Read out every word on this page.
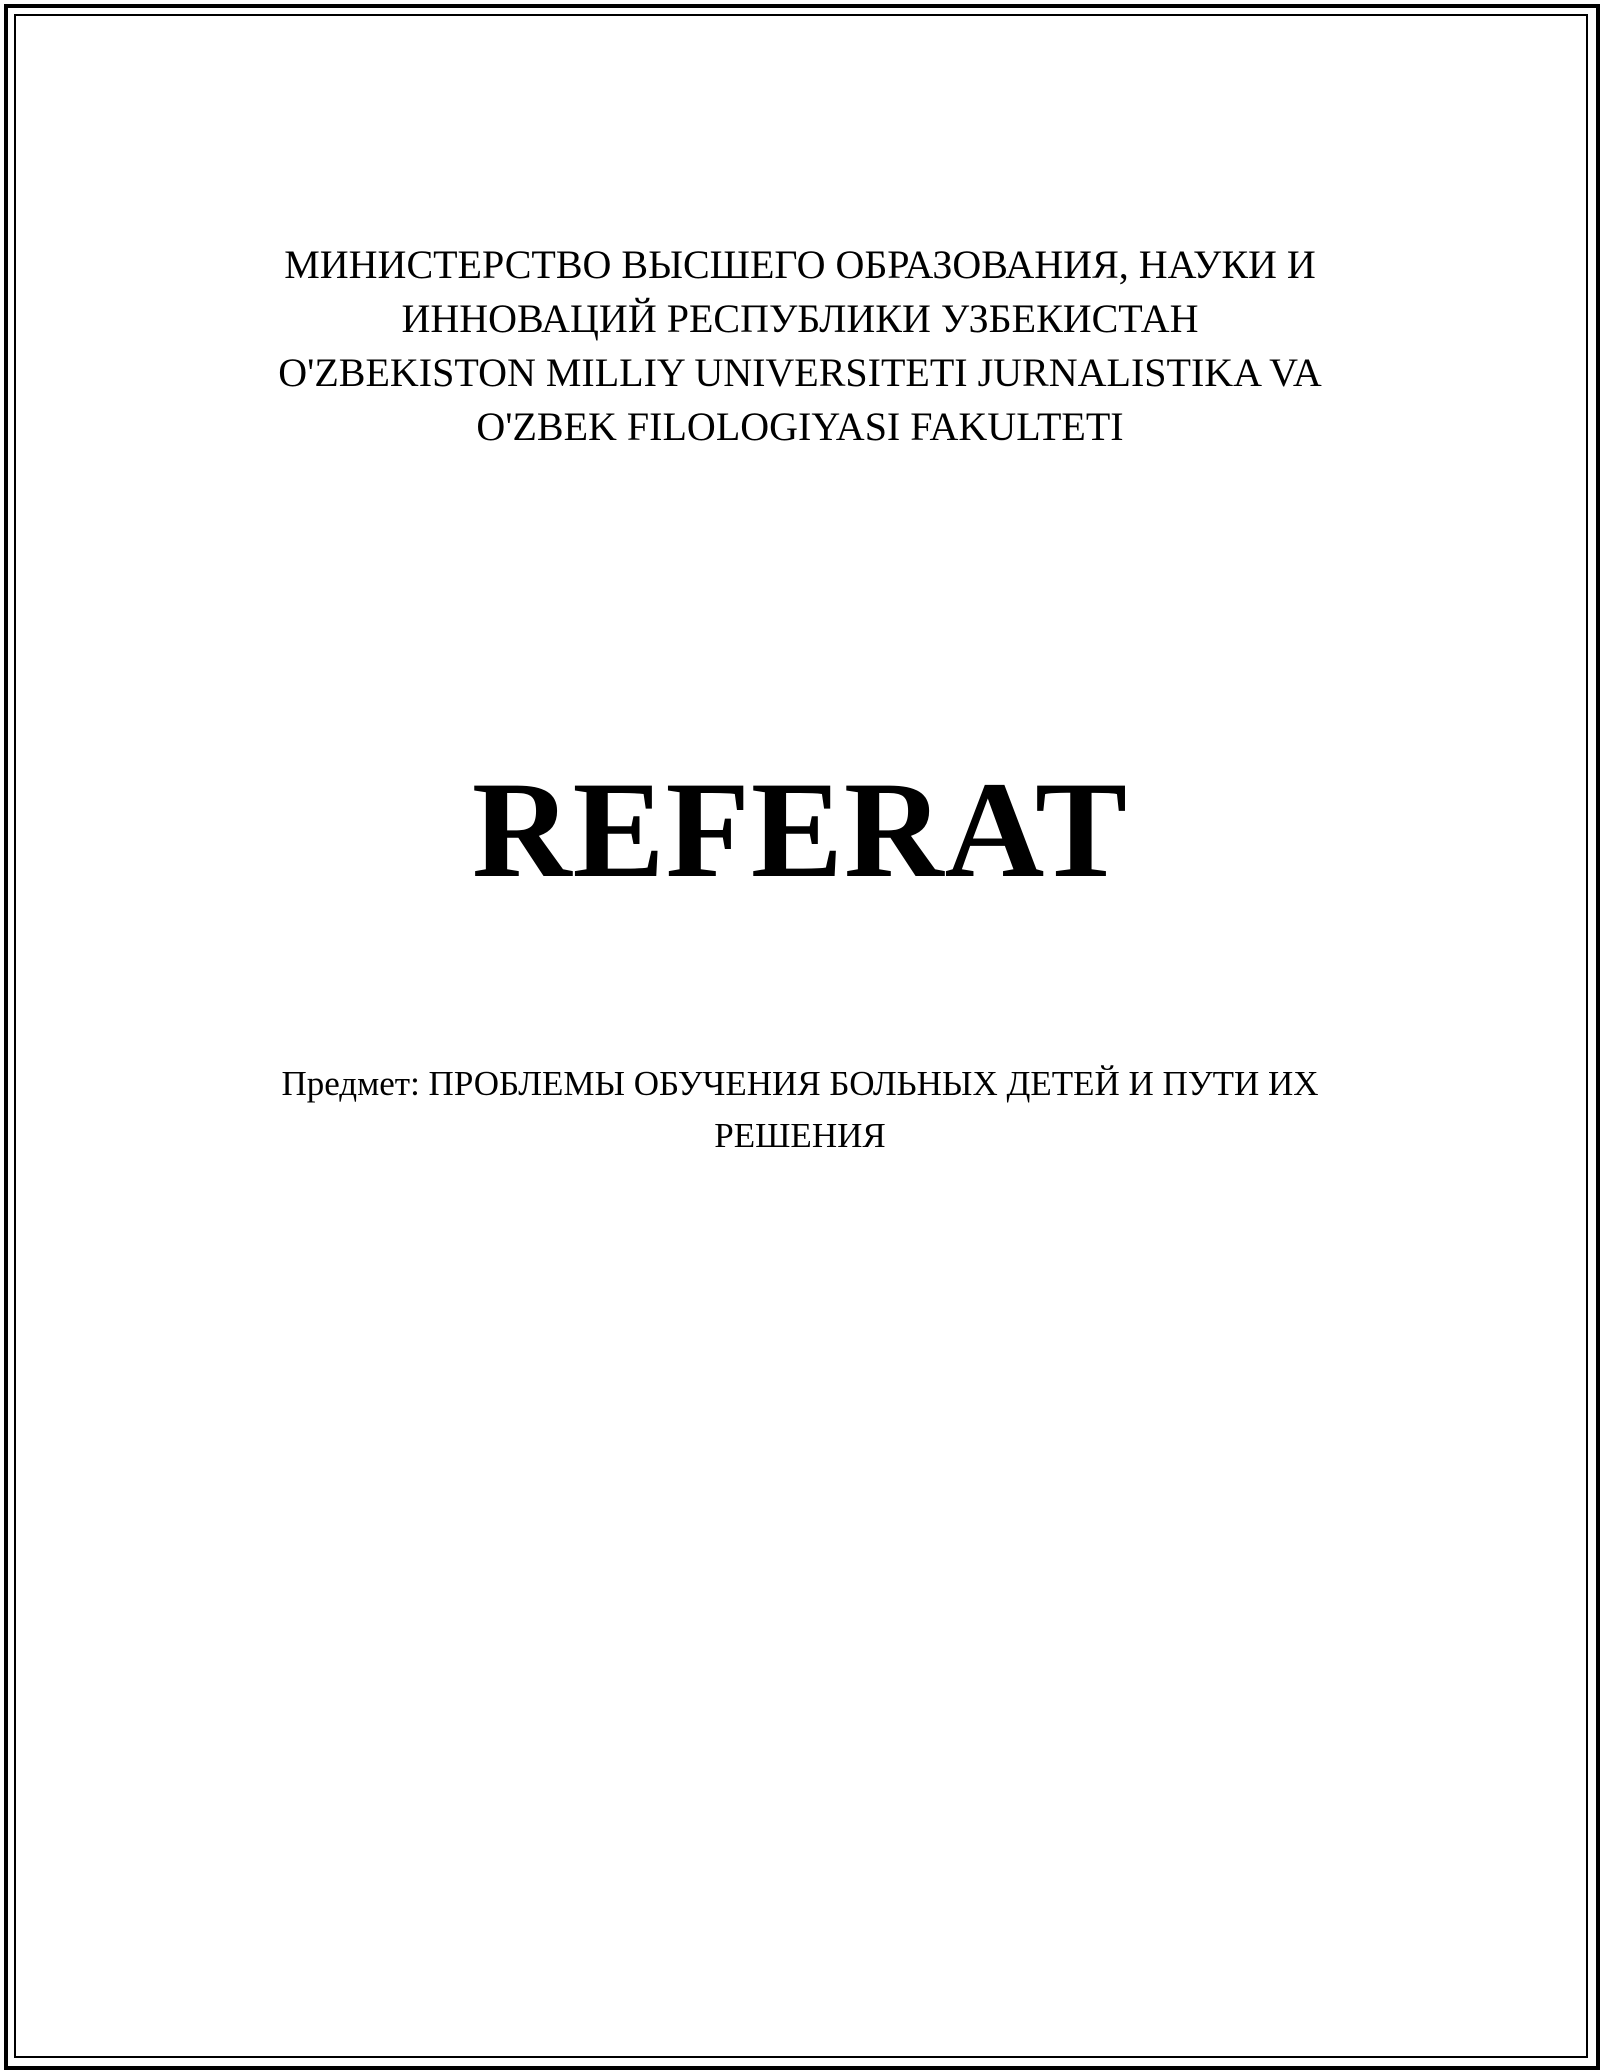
МИНИСТЕРСТВО ВЫСШЕГО ОБРАЗОВАНИЯ, НАУКИ И
ИННОВАЦИЙ РЕСПУБЛИКИ УЗБЕКИСТАН
O'ZBEKISTON MILLIY UNIVERSITETI JURNALISTIKA VA
O'ZBEK FILOLOGIYASI FAKULTETI
REFERAT
Предмет: ПРОБЛЕМЫ ОБУЧЕНИЯ БОЛЬНЫХ ДЕТЕЙ И ПУТИ ИХ
РЕШЕНИЯ
